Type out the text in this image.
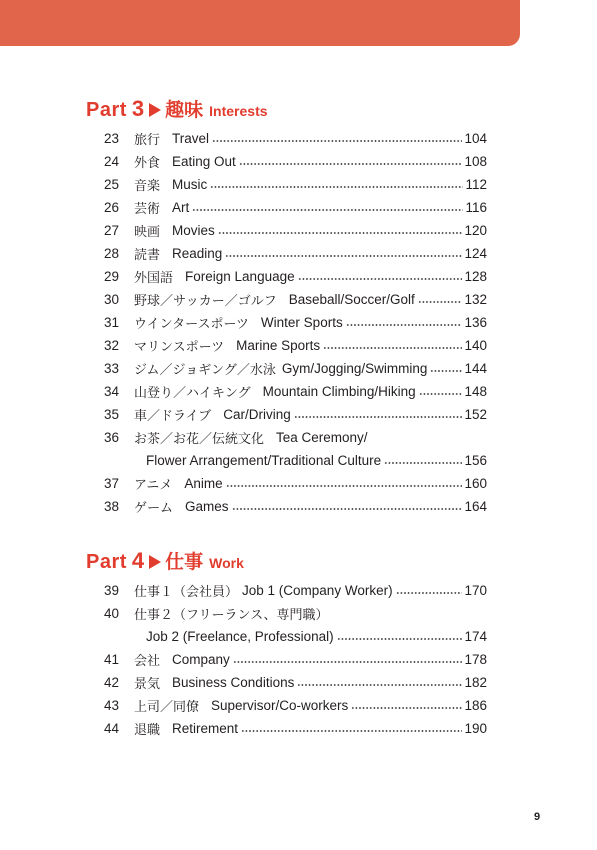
Part 3 趣味 Interests
23	旅行 Travel	104
24	外食 Eating Out	108
25	音楽 Music	112
26	芸術 Art	116
27	映画 Movies	120
28	読書 Reading	124
29	外国語 Foreign Language	128
30	野球／サッカー／ゴルフ Baseball/Soccer/Golf	132
31	ウインタースポーツ Winter Sports	136
32	マリンスポーツ Marine Sports	140
33	ジム／ジョギング／水泳 Gym/Jogging/Swimming	144
34	山登り／ハイキング Mountain Climbing/Hiking	148
35	車／ドライブ Car/Driving	152
36	お茶／お花／伝統文化 Tea Ceremony/
Flower Arrangement/Traditional Culture	156
37	アニメ Anime	160
38	ゲーム Games	164
Part 4 仕事 Work
39	仕事１（会社員） Job 1 (Company Worker)	170
40	仕事２（フリーランス、専門職）
Job 2 (Freelance, Professional)	174
41	会社 Company	178
42	景気 Business Conditions	182
43	上司／同僚 Supervisor/Co-workers	186
44	退職 Retirement	190
9
